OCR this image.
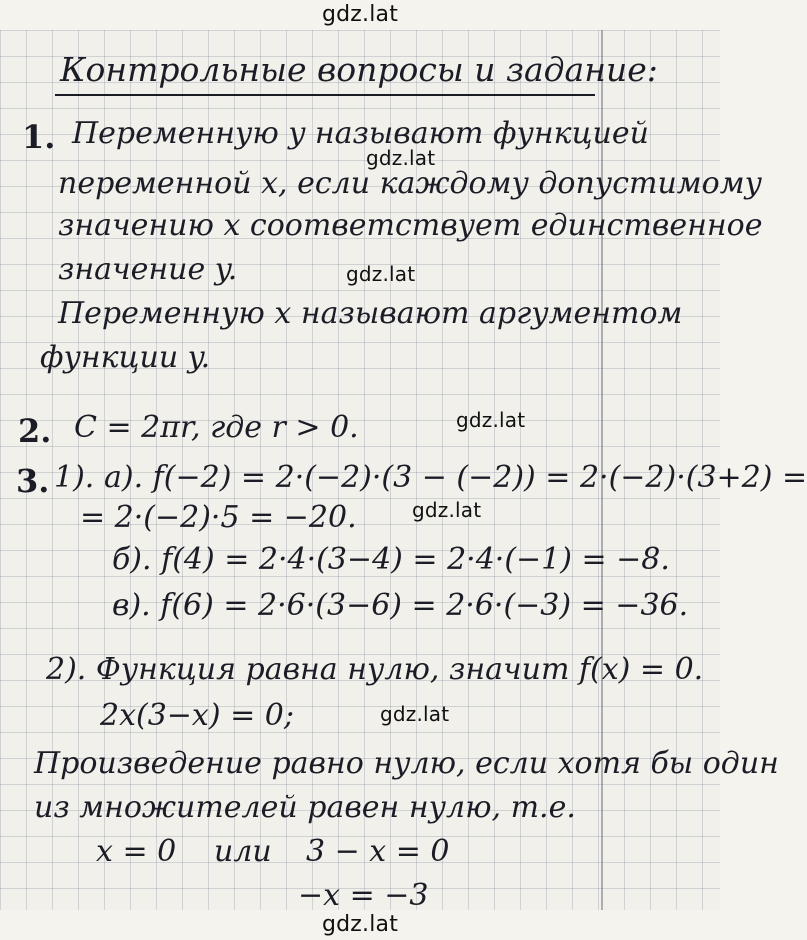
gdz.lat
Контрольные вопросы и задание:
1. Переменную y называют функцией
переменной x, если каждому допустимому
значению x соответствует единственное
значение y.
Переменную x называют аргументом
функции y.
gdz.lat
gdz.lat
2. C = 2πr, где r > 0.	gdz.lat
3. 1). а). f(−2) = 2·(−2)·(3 − (−2)) = 2·(−2)·(3+2) =
= 2·(−2)·5 = −20.	gdz.lat
б). f(4) = 2·4·(3−4) = 2·4·(−1) = −8.
в). f(6) = 2·6·(3−6) = 2·6·(−3) = −36.
2). Функция равна нулю, значит f(x) = 0.
2x(3−x) = 0;	gdz.lat
Произведение равно нулю, если хотя бы один
из множителей равен нулю, т.е.
x = 0 или 3 − x = 0
−x = −3
gdz.lat
